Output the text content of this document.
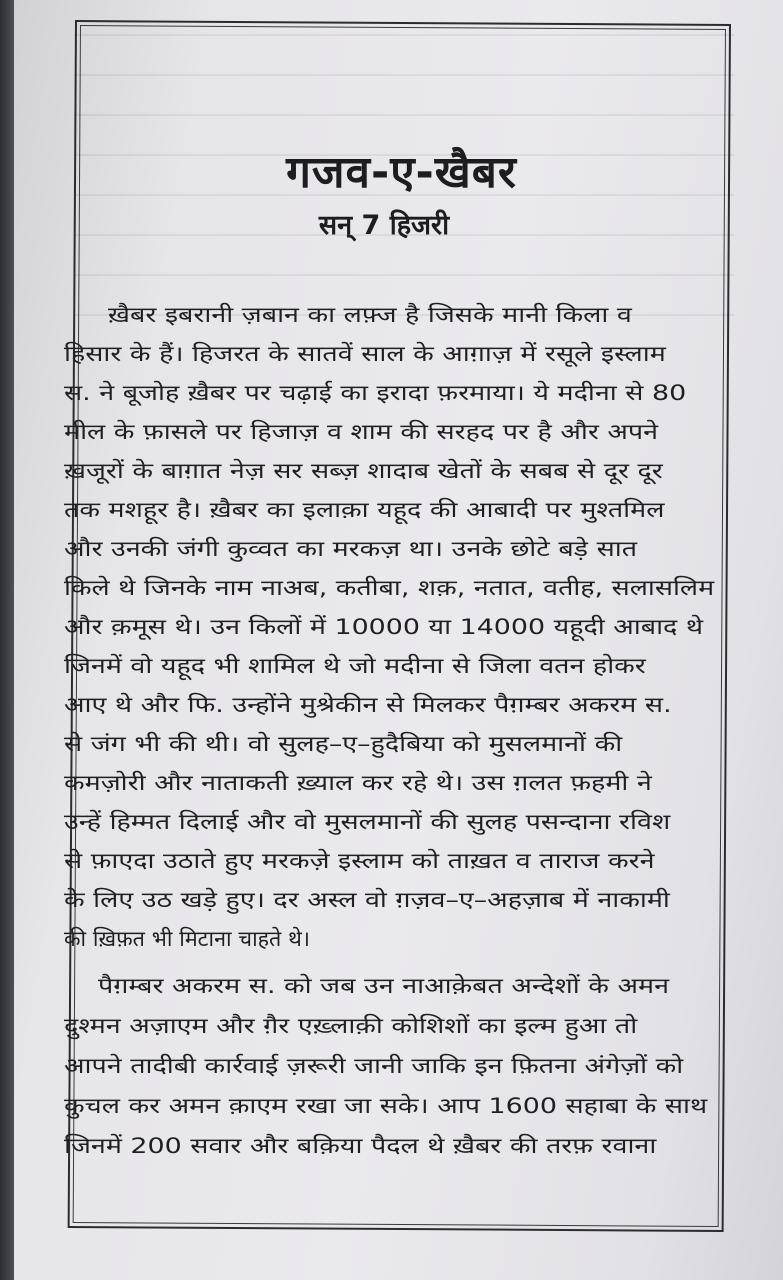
गजव-ए-खैबर
सन् 7 हिजरी
ख़ैबर इबरानी ज़बान का लफ़्ज है जिसके मानी किला व
हिसार के हैं। हिजरत के सातवें साल के आग़ाज़ में रसूले इस्लाम
स. ने बूजोह ख़ैबर पर चढ़ाई का इरादा फ़रमाया। ये मदीना से 80
मील के फ़ासले पर हिजाज़ व शाम की सरहद पर है और अपने
ख़जूरों के बाग़ात नेज़ सर सब्ज़ शादाब खेतों के सबब से दूर दूर
तक मशहूर है। ख़ैबर का इलाक़ा यहूद की आबादी पर मुश्तमिल
और उनकी जंगी कुव्वत का मरकज़ था। उनके छोटे बड़े सात
किले थे जिनके नाम नाअब, कतीबा, शक़, नतात, वतीह, सलासलिम
और क़मूस थे। उन किलों में 10000 या 14000 यहूदी आबाद थे
जिनमें वो यहूद भी शामिल थे जो मदीना से जिला वतन होकर
आए थे और फि. उन्होंने मुश्रेकीन से मिलकर पैग़म्बर अकरम स.
से जंग भी की थी। वो सुलह–ए–हुदैबिया को मुसलमानों की
कमज़ोरी और नाताकती ख़्याल कर रहे थे। उस ग़लत फ़हमी ने
उन्हें हिम्मत दिलाई और वो मुसलमानों की सुलह पसन्दाना रविश
से फ़ाएदा उठाते हुए मरकज़े इस्लाम को ताख़त व ताराज करने
के लिए उठ खड़े हुए। दर अस्ल वो ग़ज़व–ए–अहज़ाब में नाकामी
की ख़िफ़त भी मिटाना चाहते थे।
पैग़म्बर अकरम स. को जब उन नाआक़ेबत अन्देशों के अमन
दुश्मन अज़ाएम और ग़ैर एख़्लाक़ी कोशिशों का इल्म हुआ तो
आपने तादीबी कार्रवाई ज़रूरी जानी जाकि इन फ़ितना अंगेज़ों को
कुचल कर अमन क़ाएम रखा जा सके। आप 1600 सहाबा के साथ
जिनमें 200 सवार और बक़िया पैदल थे ख़ैबर की तरफ़ रवाना
